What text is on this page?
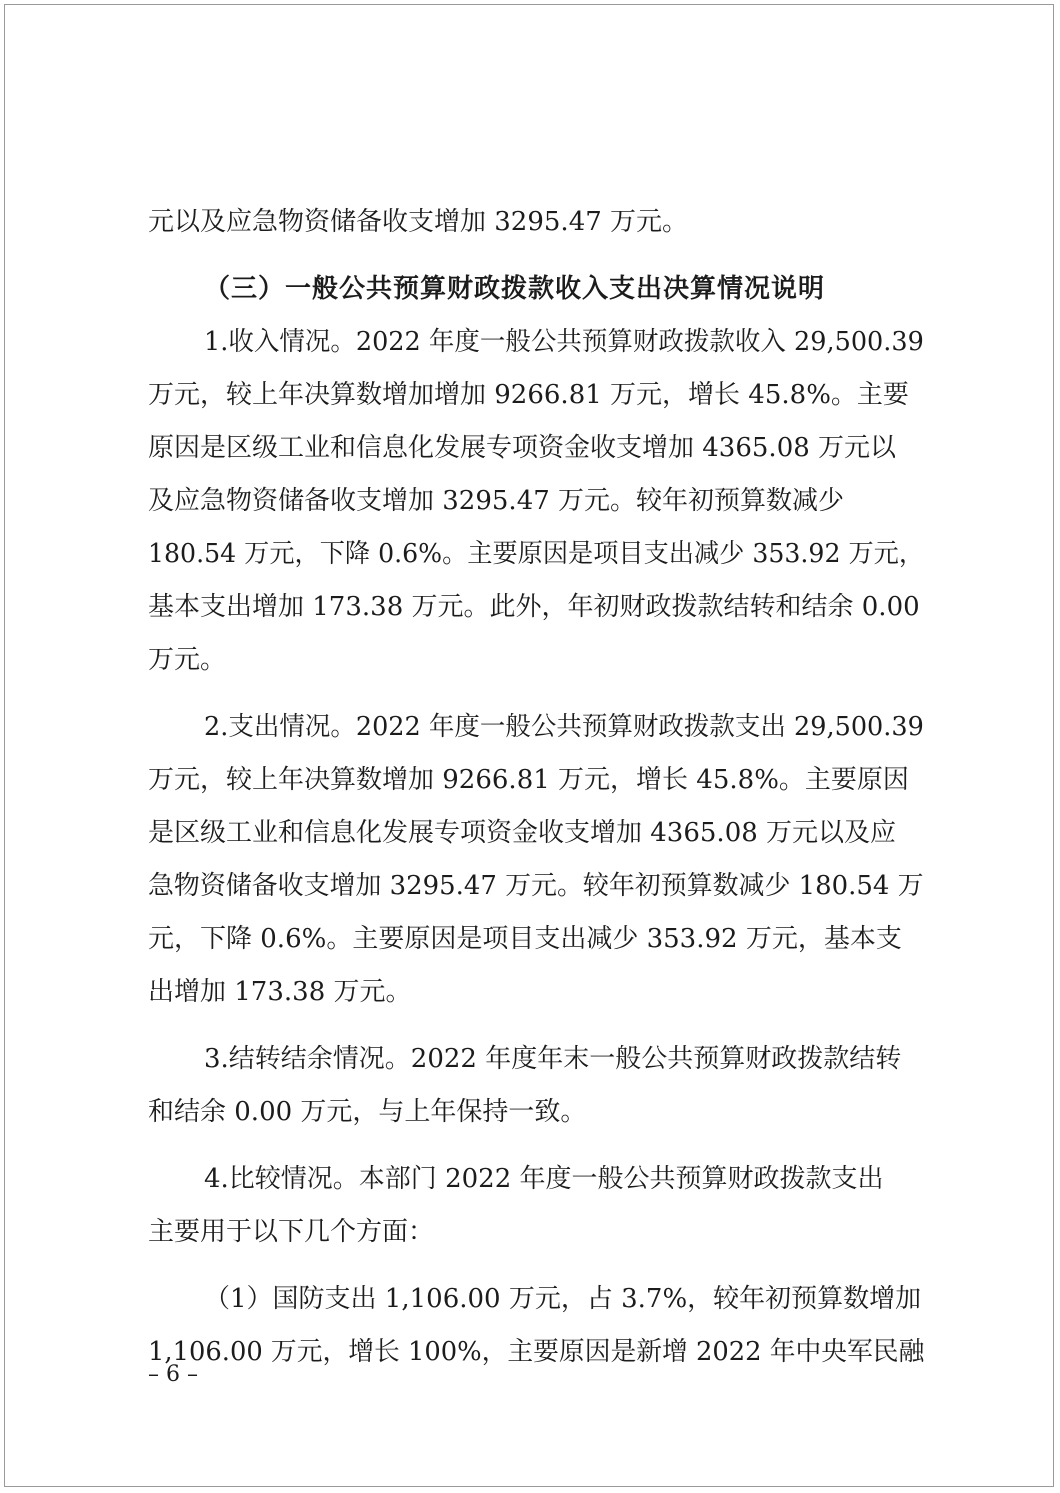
元以及应急物资储备收支增加 3295.47 万元。
（三）一般公共预算财政拨款收入支出决算情况说明
1.收入情况。2022 年度一般公共预算财政拨款收入 29,500.39
万元，较上年决算数增加增加 9266.81 万元，增长 45.8%。主要
原因是区级工业和信息化发展专项资金收支增加 4365.08 万元以
及应急物资储备收支增加 3295.47 万元。较年初预算数减少
180.54 万元，下降 0.6%。主要原因是项目支出减少 353.92 万元，
基本支出增加 173.38 万元。此外，年初财政拨款结转和结余 0.00
万元。
2.支出情况。2022 年度一般公共预算财政拨款支出 29,500.39
万元，较上年决算数增加 9266.81 万元，增长 45.8%。主要原因
是区级工业和信息化发展专项资金收支增加 4365.08 万元以及应
急物资储备收支增加 3295.47 万元。较年初预算数减少 180.54 万
元，下降 0.6%。主要原因是项目支出减少 353.92 万元，基本支
出增加 173.38 万元。
3.结转结余情况。2022 年度年末一般公共预算财政拨款结转
和结余 0.00 万元，与上年保持一致。
4.比较情况。本部门 2022 年度一般公共预算财政拨款支出
主要用于以下几个方面：
（1）国防支出 1,106.00 万元，占 3.7%，较年初预算数增加
1,106.00 万元，增长 100%，主要原因是新增 2022 年中央军民融
– 6 –
